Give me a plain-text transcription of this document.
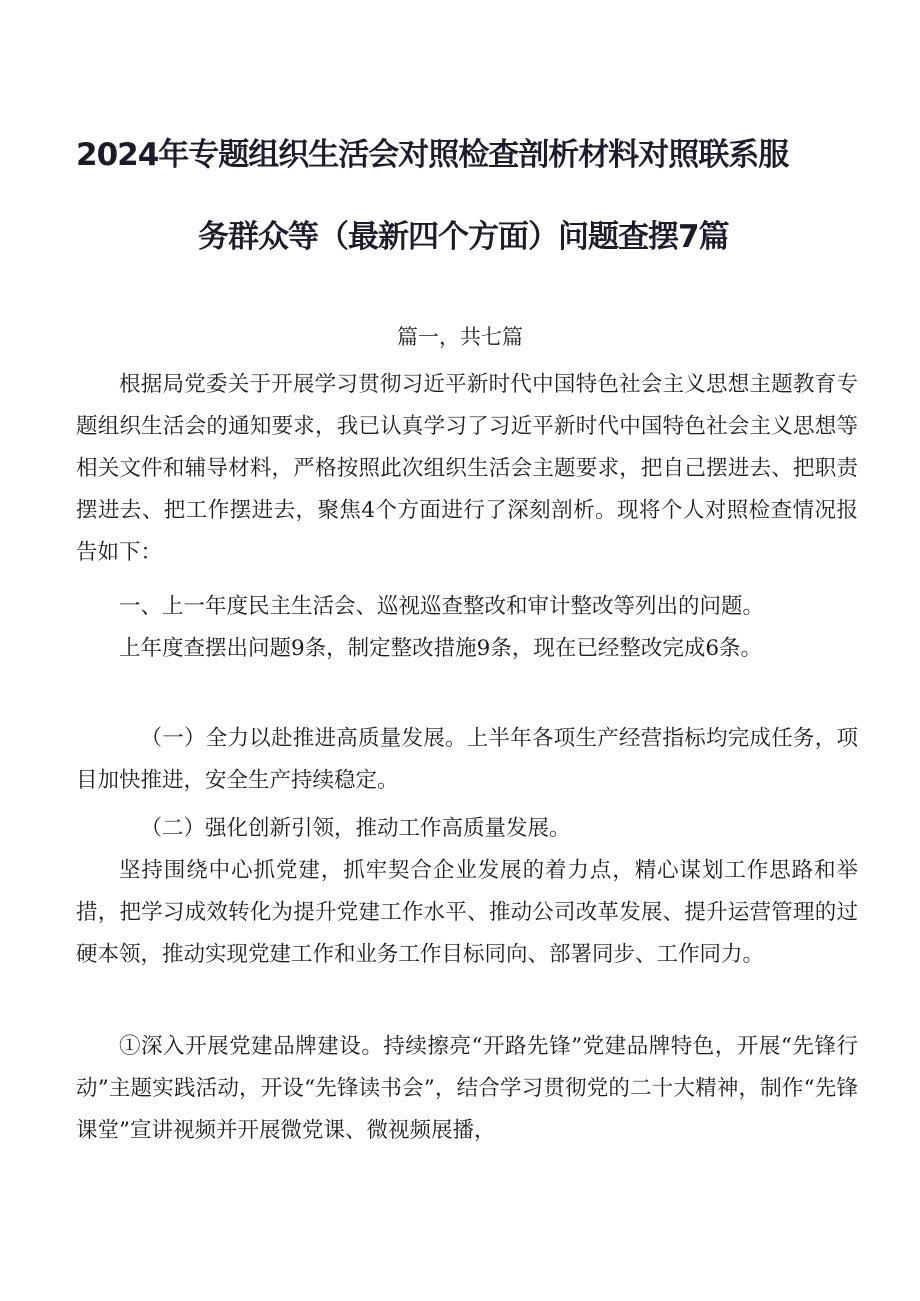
2024年专题组织生活会对照检查剖析材料对照联系服
务群众等（最新四个方面）问题查摆7篇
篇一，共七篇

根据局党委关于开展学习贯彻习近平新时代中国特色社会主义思想主题教育专题组织生活会的通知要求，我已认真学习了习近平新时代中国特色社会主义思想等相关文件和辅导材料，严格按照此次组织生活会主题要求，把自己摆进去、把职责摆进去、把工作摆进去，聚焦4个方面进行了深刻剖析。现将个人对照检查情况报告如下：

一、上一年度民主生活会、巡视巡查整改和审计整改等列出的问题。

上年度查摆出问题9条，制定整改措施9条，现在已经整改完成6条。

（一）全力以赴推进高质量发展。上半年各项生产经营指标均完成任务，项目加快推进，安全生产持续稳定。

（二）强化创新引领，推动工作高质量发展。

坚持围绕中心抓党建，抓牢契合企业发展的着力点，精心谋划工作思路和举措，把学习成效转化为提升党建工作水平、推动公司改革发展、提升运营管理的过硬本领，推动实现党建工作和业务工作目标同向、部署同步、工作同力。

①深入开展党建品牌建设。持续擦亮“开路先锋”党建品牌特色，开展“先锋行动”主题实践活动，开设“先锋读书会”，结合学习贯彻党的二十大精神，制作“先锋课堂”宣讲视频并开展微党课、微视频展播，
